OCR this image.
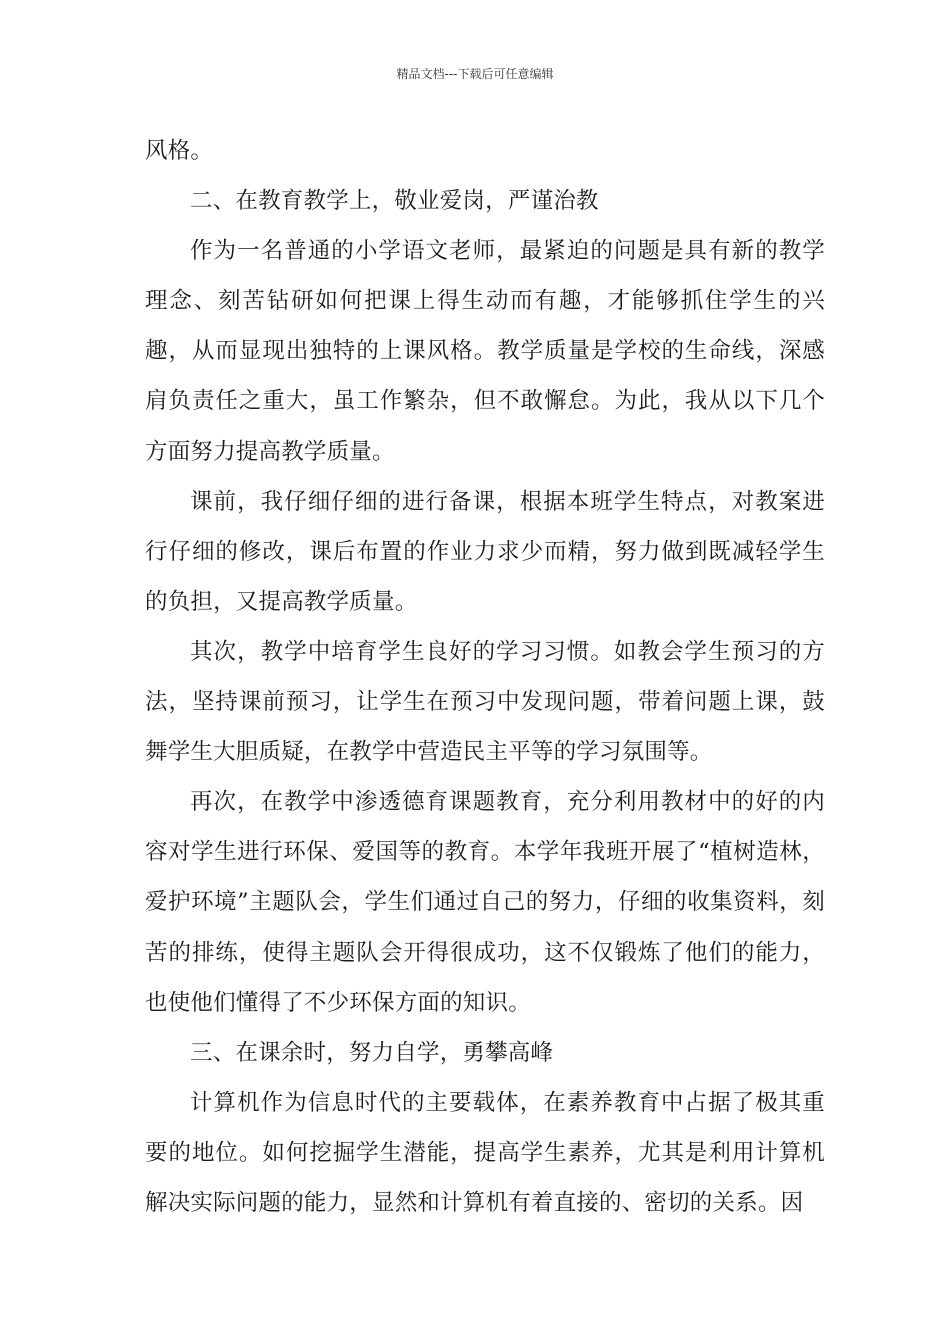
精品文档---下载后可任意编辑

风格。

二、在教育教学上，敬业爱岗，严谨治教

作为一名普通的小学语文老师，最紧迫的问题是具有新的教学理念、刻苦钻研如何把课上得生动而有趣，才能够抓住学生的兴趣，从而显现出独特的上课风格。教学质量是学校的生命线，深感肩负责任之重大，虽工作繁杂，但不敢懈怠。为此，我从以下几个方面努力提高教学质量。

课前，我仔细仔细的进行备课，根据本班学生特点，对教案进行仔细的修改，课后布置的作业力求少而精，努力做到既减轻学生的负担，又提高教学质量。

其次，教学中培育学生良好的学习习惯。如教会学生预习的方法，坚持课前预习，让学生在预习中发现问题，带着问题上课，鼓舞学生大胆质疑，在教学中营造民主平等的学习氛围等。

再次，在教学中渗透德育课题教育，充分利用教材中的好的内容对学生进行环保、爱国等的教育。本学年我班开展了“植树造林，爱护环境”主题队会，学生们通过自己的努力，仔细的收集资料，刻苦的排练，使得主题队会开得很成功，这不仅锻炼了他们的能力，也使他们懂得了不少环保方面的知识。

三、在课余时，努力自学，勇攀高峰

计算机作为信息时代的主要载体，在素养教育中占据了极其重要的地位。如何挖掘学生潜能，提高学生素养，尤其是利用计算机解决实际问题的能力，显然和计算机有着直接的、密切的关系。因
